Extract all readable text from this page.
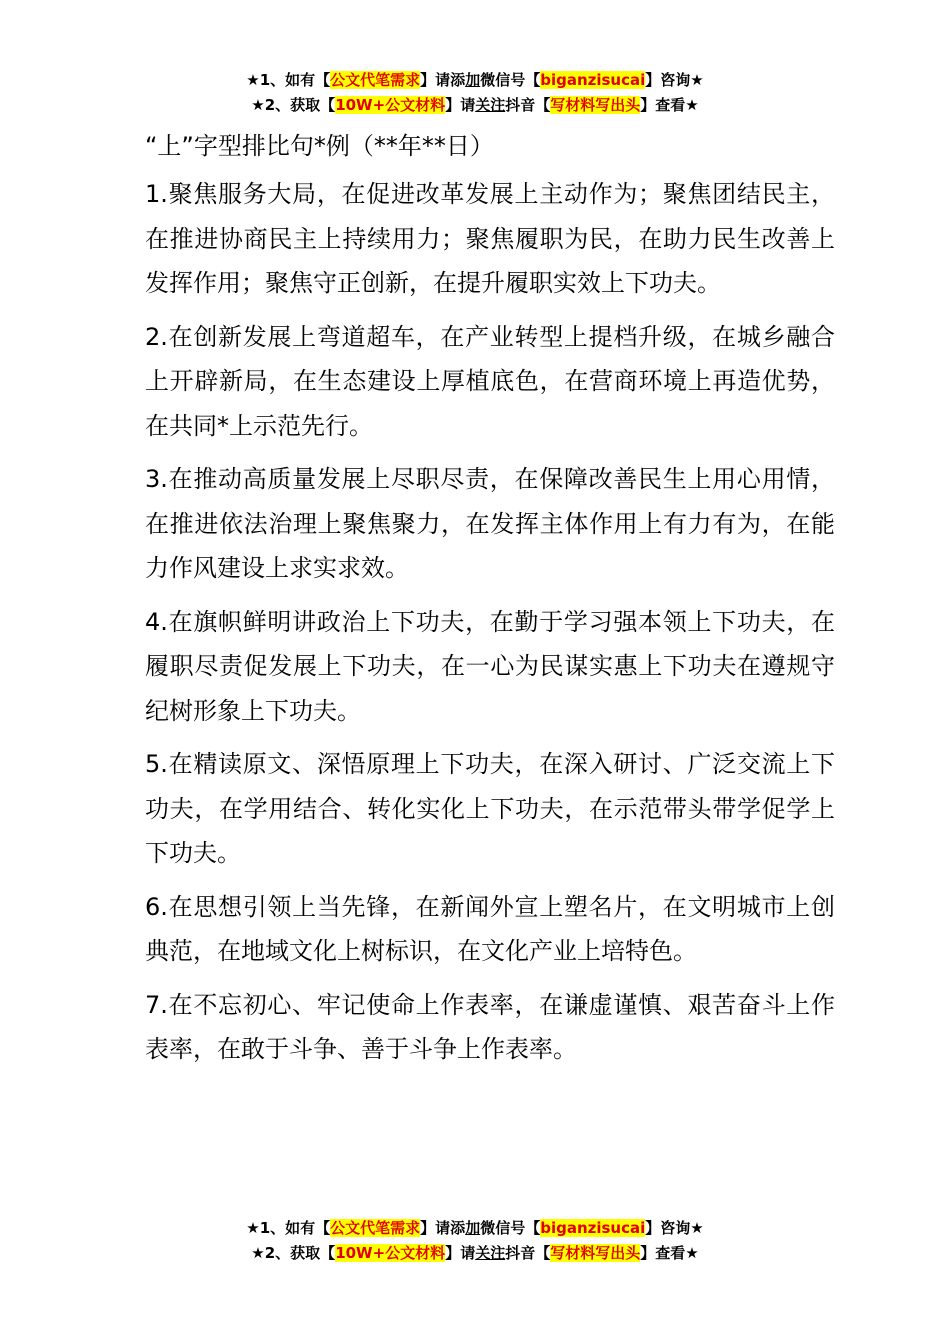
★1、如有【公文代笔需求】请添加微信号【biganzisucai】咨询★
★2、获取【10W+公文材料】请关注抖音【写材料写出头】查看★
“上”字型排比句*例（**年**日）

1.聚焦服务大局，在促进改革发展上主动作为；聚焦团结民主，在推进协商民主上持续用力；聚焦履职为民，在助力民生改善上发挥作用；聚焦守正创新，在提升履职实效上下功夫。

2.在创新发展上弯道超车，在产业转型上提档升级，在城乡融合上开辟新局，在生态建设上厚植底色，在营商环境上再造优势，在共同*上示范先行。

3.在推动高质量发展上尽职尽责，在保障改善民生上用心用情，在推进依法治理上聚焦聚力，在发挥主体作用上有力有为，在能力作风建设上求实求效。

4.在旗帜鲜明讲政治上下功夫，在勤于学习强本领上下功夫，在履职尽责促发展上下功夫，在一心为民谋实惠上下功夫在遵规守纪树形象上下功夫。

5.在精读原文、深悟原理上下功夫，在深入研讨、广泛交流上下功夫，在学用结合、转化实化上下功夫，在示范带头带学促学上下功夫。

6.在思想引领上当先锋，在新闻外宣上塑名片，在文明城市上创典范，在地域文化上树标识，在文化产业上培特色。

7.在不忘初心、牢记使命上作表率，在谦虚谨慎、艰苦奋斗上作表率，在敢于斗争、善于斗争上作表率。

★1、如有【公文代笔需求】请添加微信号【biganzisucai】咨询★
★2、获取【10W+公文材料】请关注抖音【写材料写出头】查看★
